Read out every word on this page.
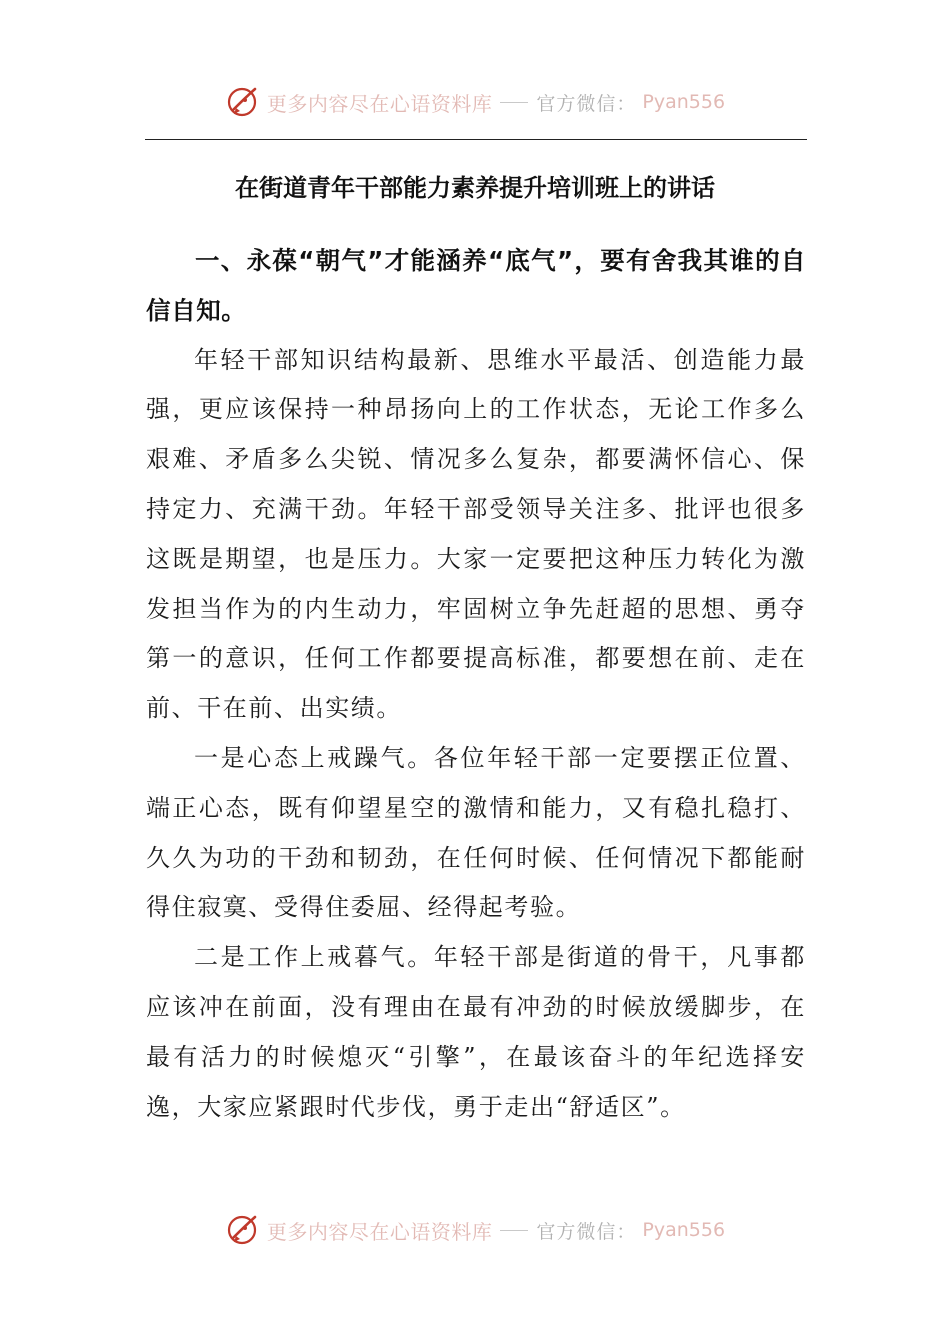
更多内容尽在心语资料库 官方微信： Pyan556
在街道青年干部能力素养提升培训班上的讲话

一、永葆“朝气”才能涵养“底气”，要有舍我其谁的自信自知。

年轻干部知识结构最新、思维水平最活、创造能力最强，更应该保持一种昂扬向上的工作状态，无论工作多么艰难、矛盾多么尖锐、情况多么复杂，都要满怀信心、保持定力、充满干劲。年轻干部受领导关注多、批评也很多这既是期望，也是压力。大家一定要把这种压力转化为激发担当作为的内生动力，牢固树立争先赶超的思想、勇夺第一的意识，任何工作都要提高标准，都要想在前、走在前、干在前、出实绩。

一是心态上戒躁气。各位年轻干部一定要摆正位置、端正心态，既有仰望星空的激情和能力，又有稳扎稳打、久久为功的干劲和韧劲，在任何时候、任何情况下都能耐得住寂寞、受得住委屈、经得起考验。

二是工作上戒暮气。年轻干部是街道的骨干，凡事都应该冲在前面，没有理由在最有冲劲的时候放缓脚步，在最有活力的时候熄灭“引擎”，在最该奋斗的年纪选择安逸，大家应紧跟时代步伐，勇于走出“舒适区”。

更多内容尽在心语资料库 官方微信： Pyan556
